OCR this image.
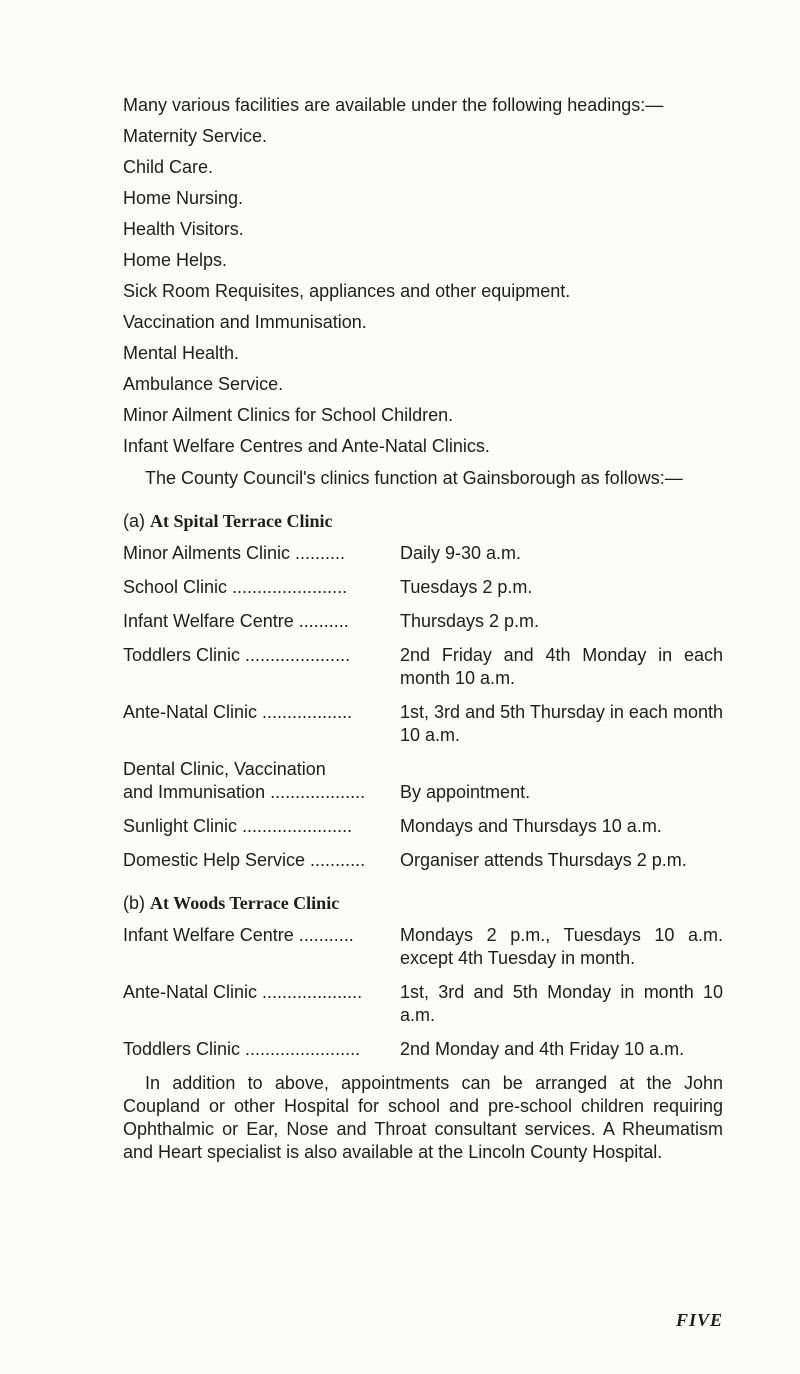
Many various facilities are available under the following headings:—

Maternity Service.
Child Care.
Home Nursing.
Health Visitors.
Home Helps.
Sick Room Requisites, appliances and other equipment.
Vaccination and Immunisation.
Mental Health.
Ambulance Service.
Minor Ailment Clinics for School Children.
Infant Welfare Centres and Ante-Natal Clinics.

The County Council's clinics function at Gainsborough as follows:—

(a) At Spital Terrace Clinic

Minor Ailments Clinic ..........	Daily 9-30 a.m.
School Clinic .......................	Tuesdays 2 p.m.
Infant Welfare Centre ..........	Thursdays 2 p.m.
Toddlers Clinic .....................	2nd Friday and 4th Monday in each month 10 a.m.
Ante-Natal Clinic ..................	1st, 3rd and 5th Thursday in each month 10 a.m.
Dental Clinic, Vaccination
and Immunisation ...................	By appointment.
Sunlight Clinic ......................	Mondays and Thursdays 10 a.m.
Domestic Help Service ...........	Organiser attends Thursdays 2 p.m.

(b) At Woods Terrace Clinic

Infant Welfare Centre ...........	Mondays 2 p.m., Tuesdays 10 a.m. except 4th Tuesday in month.
Ante-Natal Clinic ....................	1st, 3rd and 5th Monday in month 10 a.m.
Toddlers Clinic .......................	2nd Monday and 4th Friday 10 a.m.

In addition to above, appointments can be arranged at the John Coupland or other Hospital for school and pre-school children requiring Ophthalmic or Ear, Nose and Throat consultant services. A Rheumatism and Heart specialist is also available at the Lincoln County Hospital.

FIVE
